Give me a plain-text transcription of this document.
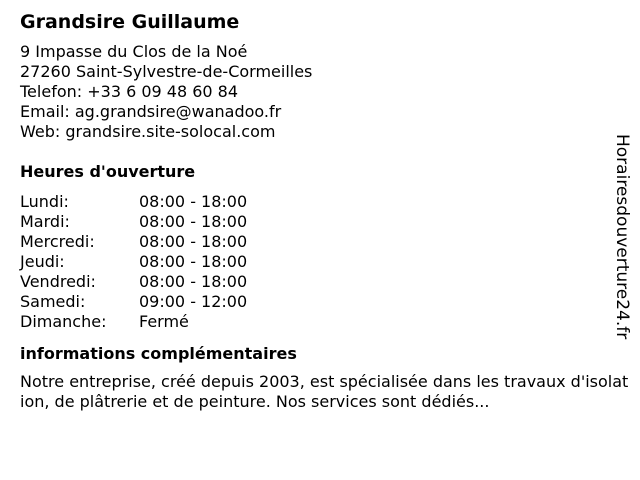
Grandsire Guillaume
9 Impasse du Clos de la Noé
27260 Saint-Sylvestre-de-Cormeilles
Telefon: +33 6 09 48 60 84
Email: ag.grandsire@wanadoo.fr
Web: grandsire.site-solocal.com
Heures d'ouverture
Lundi:	08:00 - 18:00
Mardi:	08:00 - 18:00
Mercredi:	08:00 - 18:00
Jeudi:	08:00 - 18:00
Vendredi:	08:00 - 18:00
Samedi:	09:00 - 12:00
Dimanche:	Fermé
informations complémentaires
Notre entreprise, créé depuis 2003, est spécialisée dans les travaux d'isolation, de plâtrerie et de peinture. Nos services sont dédiés...
Horairesdouverture24.fr
